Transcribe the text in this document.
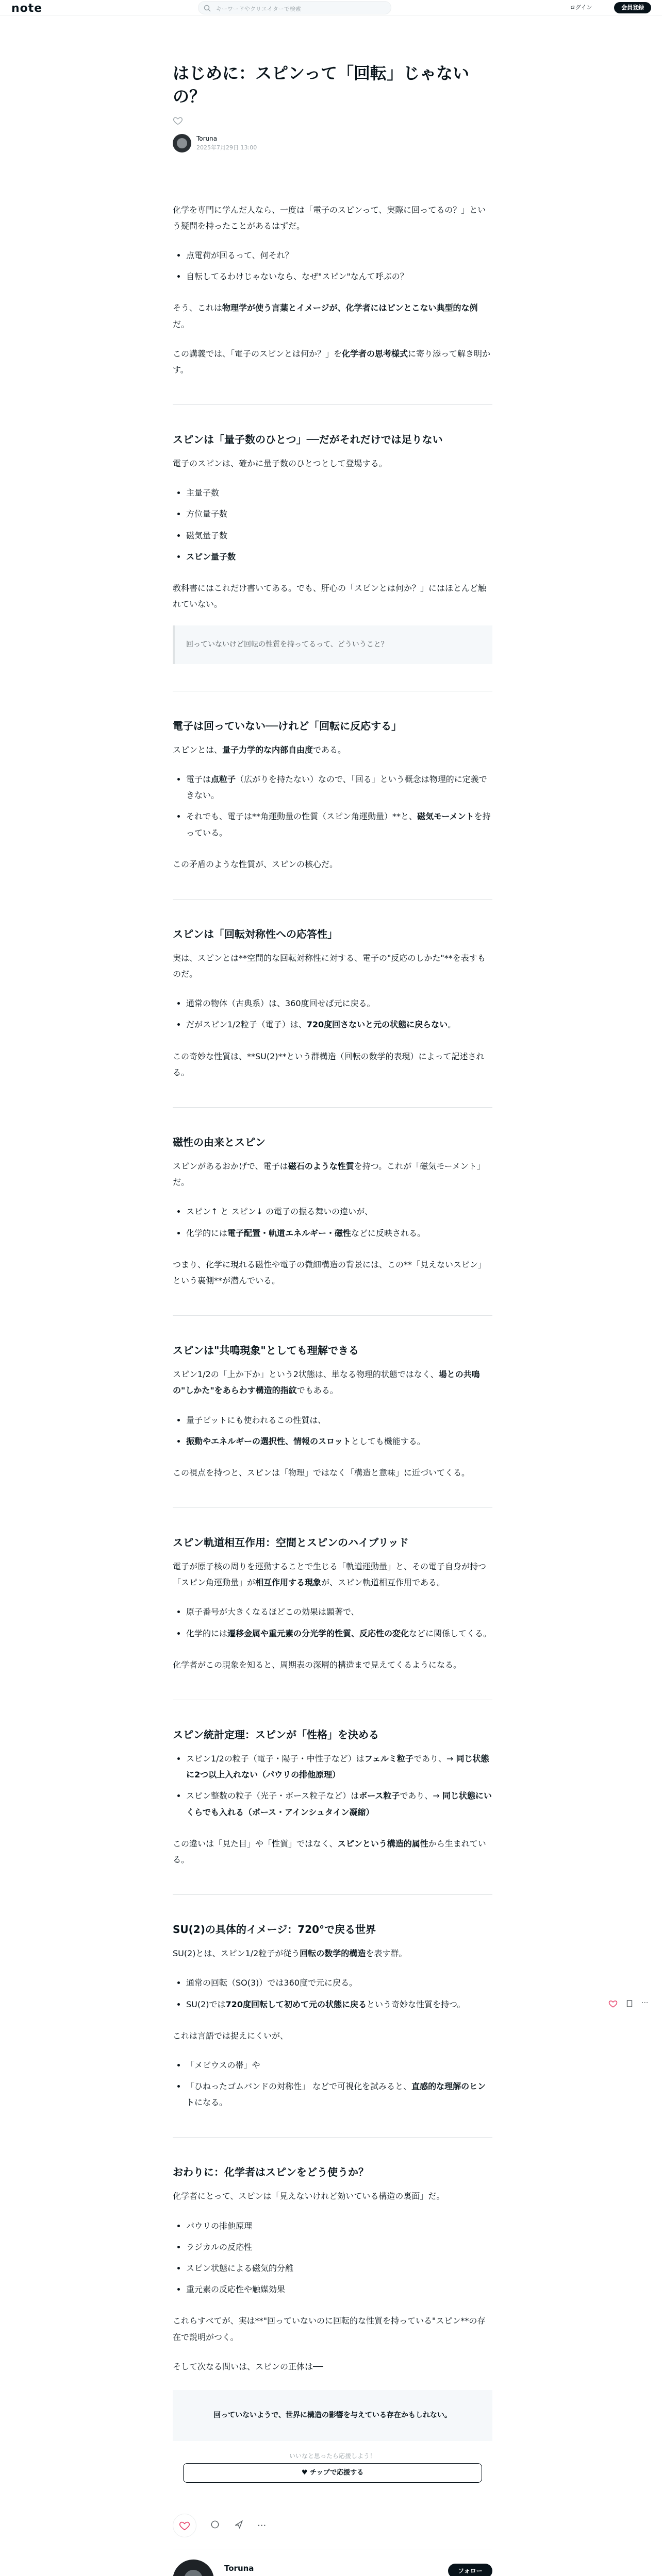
note	キーワードやクリエイターで検索	ログイン	会員登録
はじめに：スピンって「回転」じゃないの？
Toruna
2025年7月29日 13:00

化学を専門に学んだ人なら、一度は「電子のスピンって、実際に回ってるの？」という疑問を持ったことがあるはずだ。

• 点電荷が回るって、何それ？
• 自転してるわけじゃないなら、なぜ"スピン"なんて呼ぶの？

そう、これは物理学が使う言葉とイメージが、化学者にはピンとこない典型的な例だ。

この講義では、「電子のスピンとは何か？」を化学者の思考様式に寄り添って解き明かす。

スピンは「量子数のひとつ」──だがそれだけでは足りない

電子のスピンは、確かに量子数のひとつとして登場する。

• 主量子数
• 方位量子数
• 磁気量子数
• スピン量子数

教科書にはこれだけ書いてある。でも、肝心の「スピンとは何か？」にはほとんど触れていない。

回っていないけど回転の性質を持ってるって、どういうこと？
電子は回っていない──けれど「回転に反応する」

スピンとは、量子力学的な内部自由度である。

• 電子は点粒子（広がりを持たない）なので、「回る」という概念は物理的に定義できない。
• それでも、電子は**角運動量の性質（スピン角運動量）**と、磁気モーメントを持っている。

この矛盾のような性質が、スピンの核心だ。

スピンは「回転対称性への応答性」

実は、スピンとは**空間的な回転対称性に対する、電子の"反応のしかた"**を表すものだ。

• 通常の物体（古典系）は、360度回せば元に戻る。
• だがスピン1/2粒子（電子）は、720度回さないと元の状態に戻らない。

この奇妙な性質は、**SU(2)**という群構造（回転の数学的表現）によって記述される。

磁性の由来とスピン

スピンがあるおかげで、電子は磁石のような性質を持つ。これが「磁気モーメント」だ。

• スピン↑ と スピン↓ の電子の振る舞いの違いが、
• 化学的には電子配置・軌道エネルギー・磁性などに反映される。

つまり、化学に現れる磁性や電子の微細構造の背景には、この**「見えないスピン」という裏側**が潜んでいる。

スピンは"共鳴現象"としても理解できる

スピン1/2の「上か下か」という2状態は、単なる物理的状態ではなく、場との共鳴の"しかた"をあらわす構造的指紋でもある。

• 量子ビットにも使われるこの性質は、
• 振動やエネルギーの選択性、情報のスロットとしても機能する。

この視点を持つと、スピンは「物理」ではなく「構造と意味」に近づいてくる。

スピン軌道相互作用：空間とスピンのハイブリッド

電子が原子核の周りを運動することで生じる「軌道運動量」と、その電子自身が持つ「スピン角運動量」が相互作用する現象が、スピン軌道相互作用である。

• 原子番号が大きくなるほどこの効果は顕著で、
• 化学的には遷移金属や重元素の分光学的性質、反応性の変化などに関係してくる。

化学者がこの現象を知ると、周期表の深層的構造まで見えてくるようになる。

スピン統計定理：スピンが「性格」を決める
• スピン1/2の粒子（電子・陽子・中性子など）はフェルミ粒子であり、→ 同じ状態に2つ以上入れない（パウリの排他原理）
• スピン整数の粒子（光子・ボース粒子など）はボース粒子であり、→ 同じ状態にいくらでも入れる（ボース・アインシュタイン凝縮）

この違いは「見た目」や「性質」ではなく、スピンという構造的属性から生まれている。

SU(2)の具体的イメージ：720°で戻る世界

SU(2)とは、スピン1/2粒子が従う回転の数学的構造を表す群。

• 通常の回転（SO(3)）では360度で元に戻る。
• SU(2)では720度回転して初めて元の状態に戻るという奇妙な性質を持つ。

これは言語では捉えにくいが、

• 「メビウスの帯」や
• 「ひねったゴムバンドの対称性」 などで可視化を試みると、直感的な理解のヒントになる。
おわりに：化学者はスピンをどう使うか？

化学者にとって、スピンは「見えないけれど効いている構造の裏面」だ。

• パウリの排他原理
• ラジカルの反応性
• スピン状態による磁気的分離
• 重元素の反応性や触媒効果

これらすべてが、実は**"回っていないのに回転的な性質を持っている"スピン**の存在で説明がつく。

そして次なる問いは、スピンの正体は──

回っていないようで、世界に構造の影響を与えている存在かもしれない。
いいなと思ったら応援しよう！
♥ チップで応援する
···
Toruna	フォロー
···
